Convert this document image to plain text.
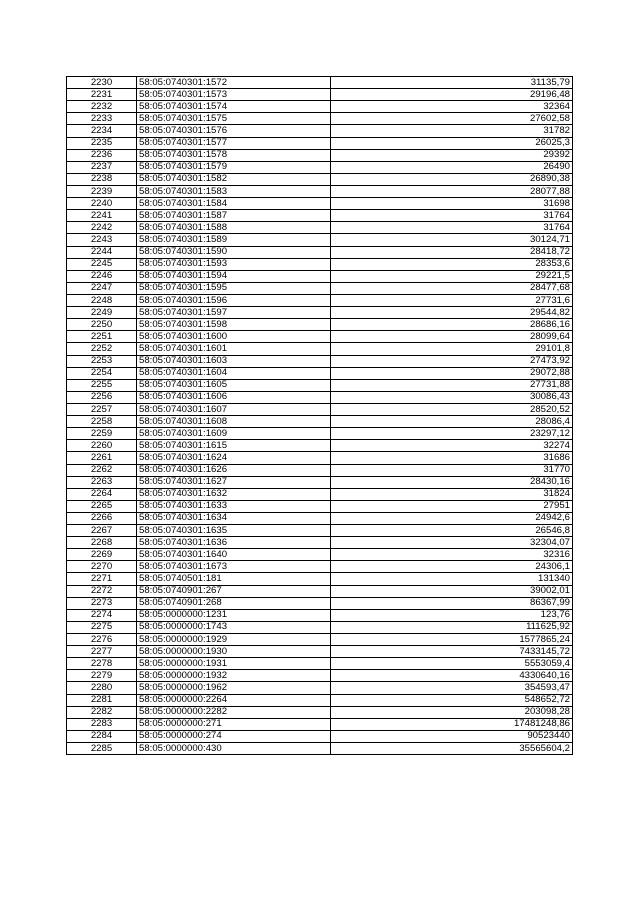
2230	58:05:0740301:1572	31135,79
2231	58:05:0740301:1573	29196,48
2232	58:05:0740301:1574	32364
2233	58:05:0740301:1575	27602,58
2234	58:05:0740301:1576	31782
2235	58:05:0740301:1577	26025,3
2236	58:05:0740301:1578	29392
2237	58:05:0740301:1579	26490
2238	58:05:0740301:1582	26890,38
2239	58:05:0740301:1583	28077,88
2240	58:05:0740301:1584	31698
2241	58:05:0740301:1587	31764
2242	58:05:0740301:1588	31764
2243	58:05:0740301:1589	30124,71
2244	58:05:0740301:1590	28418,72
2245	58:05:0740301:1593	28353,6
2246	58:05:0740301:1594	29221,5
2247	58:05:0740301:1595	28477,68
2248	58:05:0740301:1596	27731,6
2249	58:05:0740301:1597	29544,82
2250	58:05:0740301:1598	28686,16
2251	58:05:0740301:1600	28099,64
2252	58:05:0740301:1601	29101,8
2253	58:05:0740301:1603	27473,92
2254	58:05:0740301:1604	29072,88
2255	58:05:0740301:1605	27731,88
2256	58:05:0740301:1606	30086,43
2257	58:05:0740301:1607	28520,52
2258	58:05:0740301:1608	28086,4
2259	58:05:0740301:1609	23297,12
2260	58:05:0740301:1615	32274
2261	58:05:0740301:1624	31686
2262	58:05:0740301:1626	31770
2263	58:05:0740301:1627	28430,16
2264	58:05:0740301:1632	31824
2265	58:05:0740301:1633	27951
2266	58:05:0740301:1634	24942,6
2267	58:05:0740301:1635	26546,8
2268	58:05:0740301:1636	32304,07
2269	58:05:0740301:1640	32316
2270	58:05:0740301:1673	24306,1
2271	58:05:0740501:181	131340
2272	58:05:0740901:267	39002,01
2273	58:05:0740901:268	86367,99
2274	58:05:0000000:1231	123,76
2275	58:05:0000000:1743	111625,92
2276	58:05:0000000:1929	1577865,24
2277	58:05:0000000:1930	7433145,72
2278	58:05:0000000:1931	5553059,4
2279	58:05:0000000:1932	4330640,16
2280	58:05:0000000:1962	354593,47
2281	58:05:0000000:2264	548652,72
2282	58:05:0000000:2282	203098,28
2283	58:05:0000000:271	17481248,86
2284	58:05:0000000:274	90523440
2285	58:05:0000000:430	35565604,2
